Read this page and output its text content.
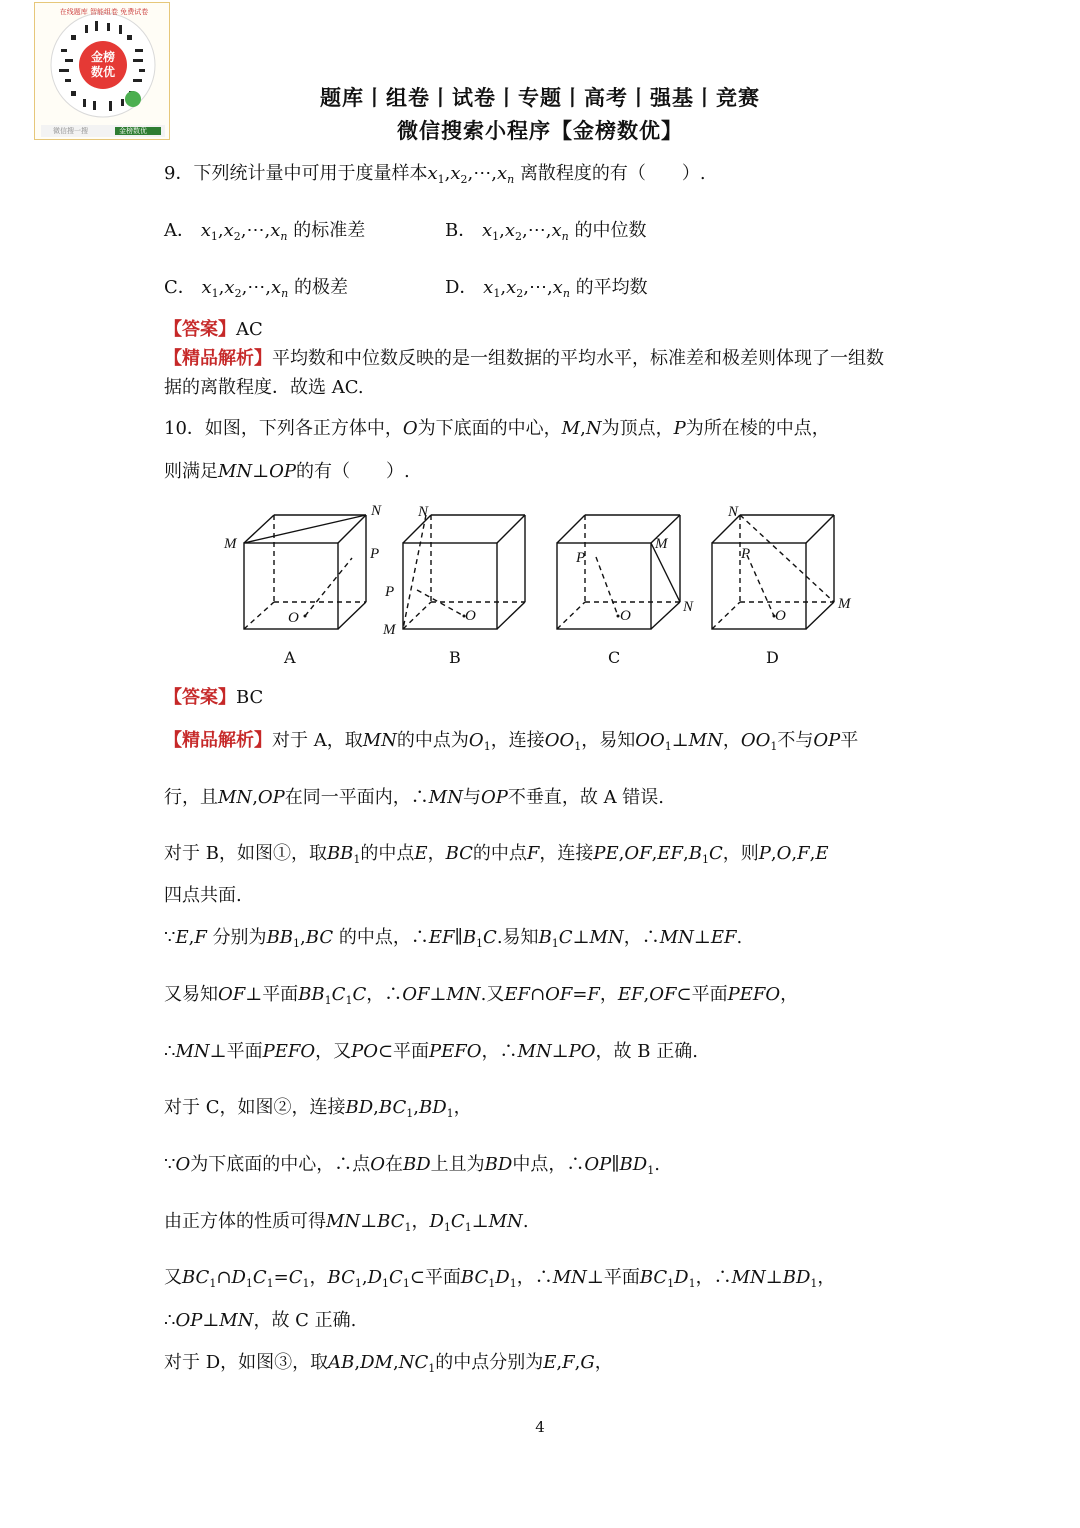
金榜
数优
在线题库 智能组卷 免费试卷
微信搜一搜	金榜数优
题库丨组卷丨试卷丨专题丨高考丨强基丨竞赛
微信搜索小程序【金榜数优】
9．下列统计量中可用于度量样本$x_1,x_2,\cdots,x_n$ 离散程度的有（　　）.
A． $x_1,x_2,\cdots,x_n$ 的标准差	B． $x_1,x_2,\cdots,x_n$ 的中位数
C． $x_1,x_2,\cdots,x_n$ 的极差	D． $x_1,x_2,\cdots,x_n$ 的平均数
【答案】AC
【精品解析】平均数和中位数反映的是一组数据的平均水平，标准差和极差则体现了一组数
据的离散程度．故选 AC.
10．如图，下列各正方体中，O为下底面的中心，M,N为顶点，P为所在棱的中点，
则满足MN⊥OP的有（　　）.
M
N
P
O
N
P
M
O
P
M
N
O
N
P
M
O
A	B	C	D
【答案】BC
【精品解析】对于 A，取MN的中点为$O_1$，连接$OO_1$，易知$OO_1\perp MN$，$OO_1$不与OP平
行，且MN,OP在同一平面内，∴MN与OP不垂直，故 A 错误.
对于 B，如图①，取$BB_1$的中点E，BC的中点F，连接$PE,OF,EF,B_1C$，则P,O,F,E
四点共面.
∵E,F 分别为$BB_1,BC$ 的中点，$\therefore EF\parallel B_1C$.易知$B_1C\perp MN$，∴MN⊥EF.
又易知OF⊥平面$BB_1C_1C$，∴OF⊥MN.又EF∩OF=F，EF,OF⊂平面PEFO，
∴MN⊥平面PEFO，又PO⊂平面PEFO，∴MN⊥PO，故 B 正确.
对于 C，如图②，连接$BD,BC_1,BD_1$，
∵O为下底面的中心，∴点O在BD上且为BD中点，$\therefore OP\parallel BD_1$.
由正方体的性质可得$MN\perp BC_1$，$D_1C_1\perp MN$.
又$BC_1\cap D_1C_1=C_1$，$BC_1,D_1C_1\subset$平面$BC_1D_1$，∴MN⊥平面$BC_1D_1$，$\therefore MN\perp BD_1$，
∴OP⊥MN，故 C 正确.
对于 D，如图③，取$AB,DM,NC_1$的中点分别为E,F,G，
4
